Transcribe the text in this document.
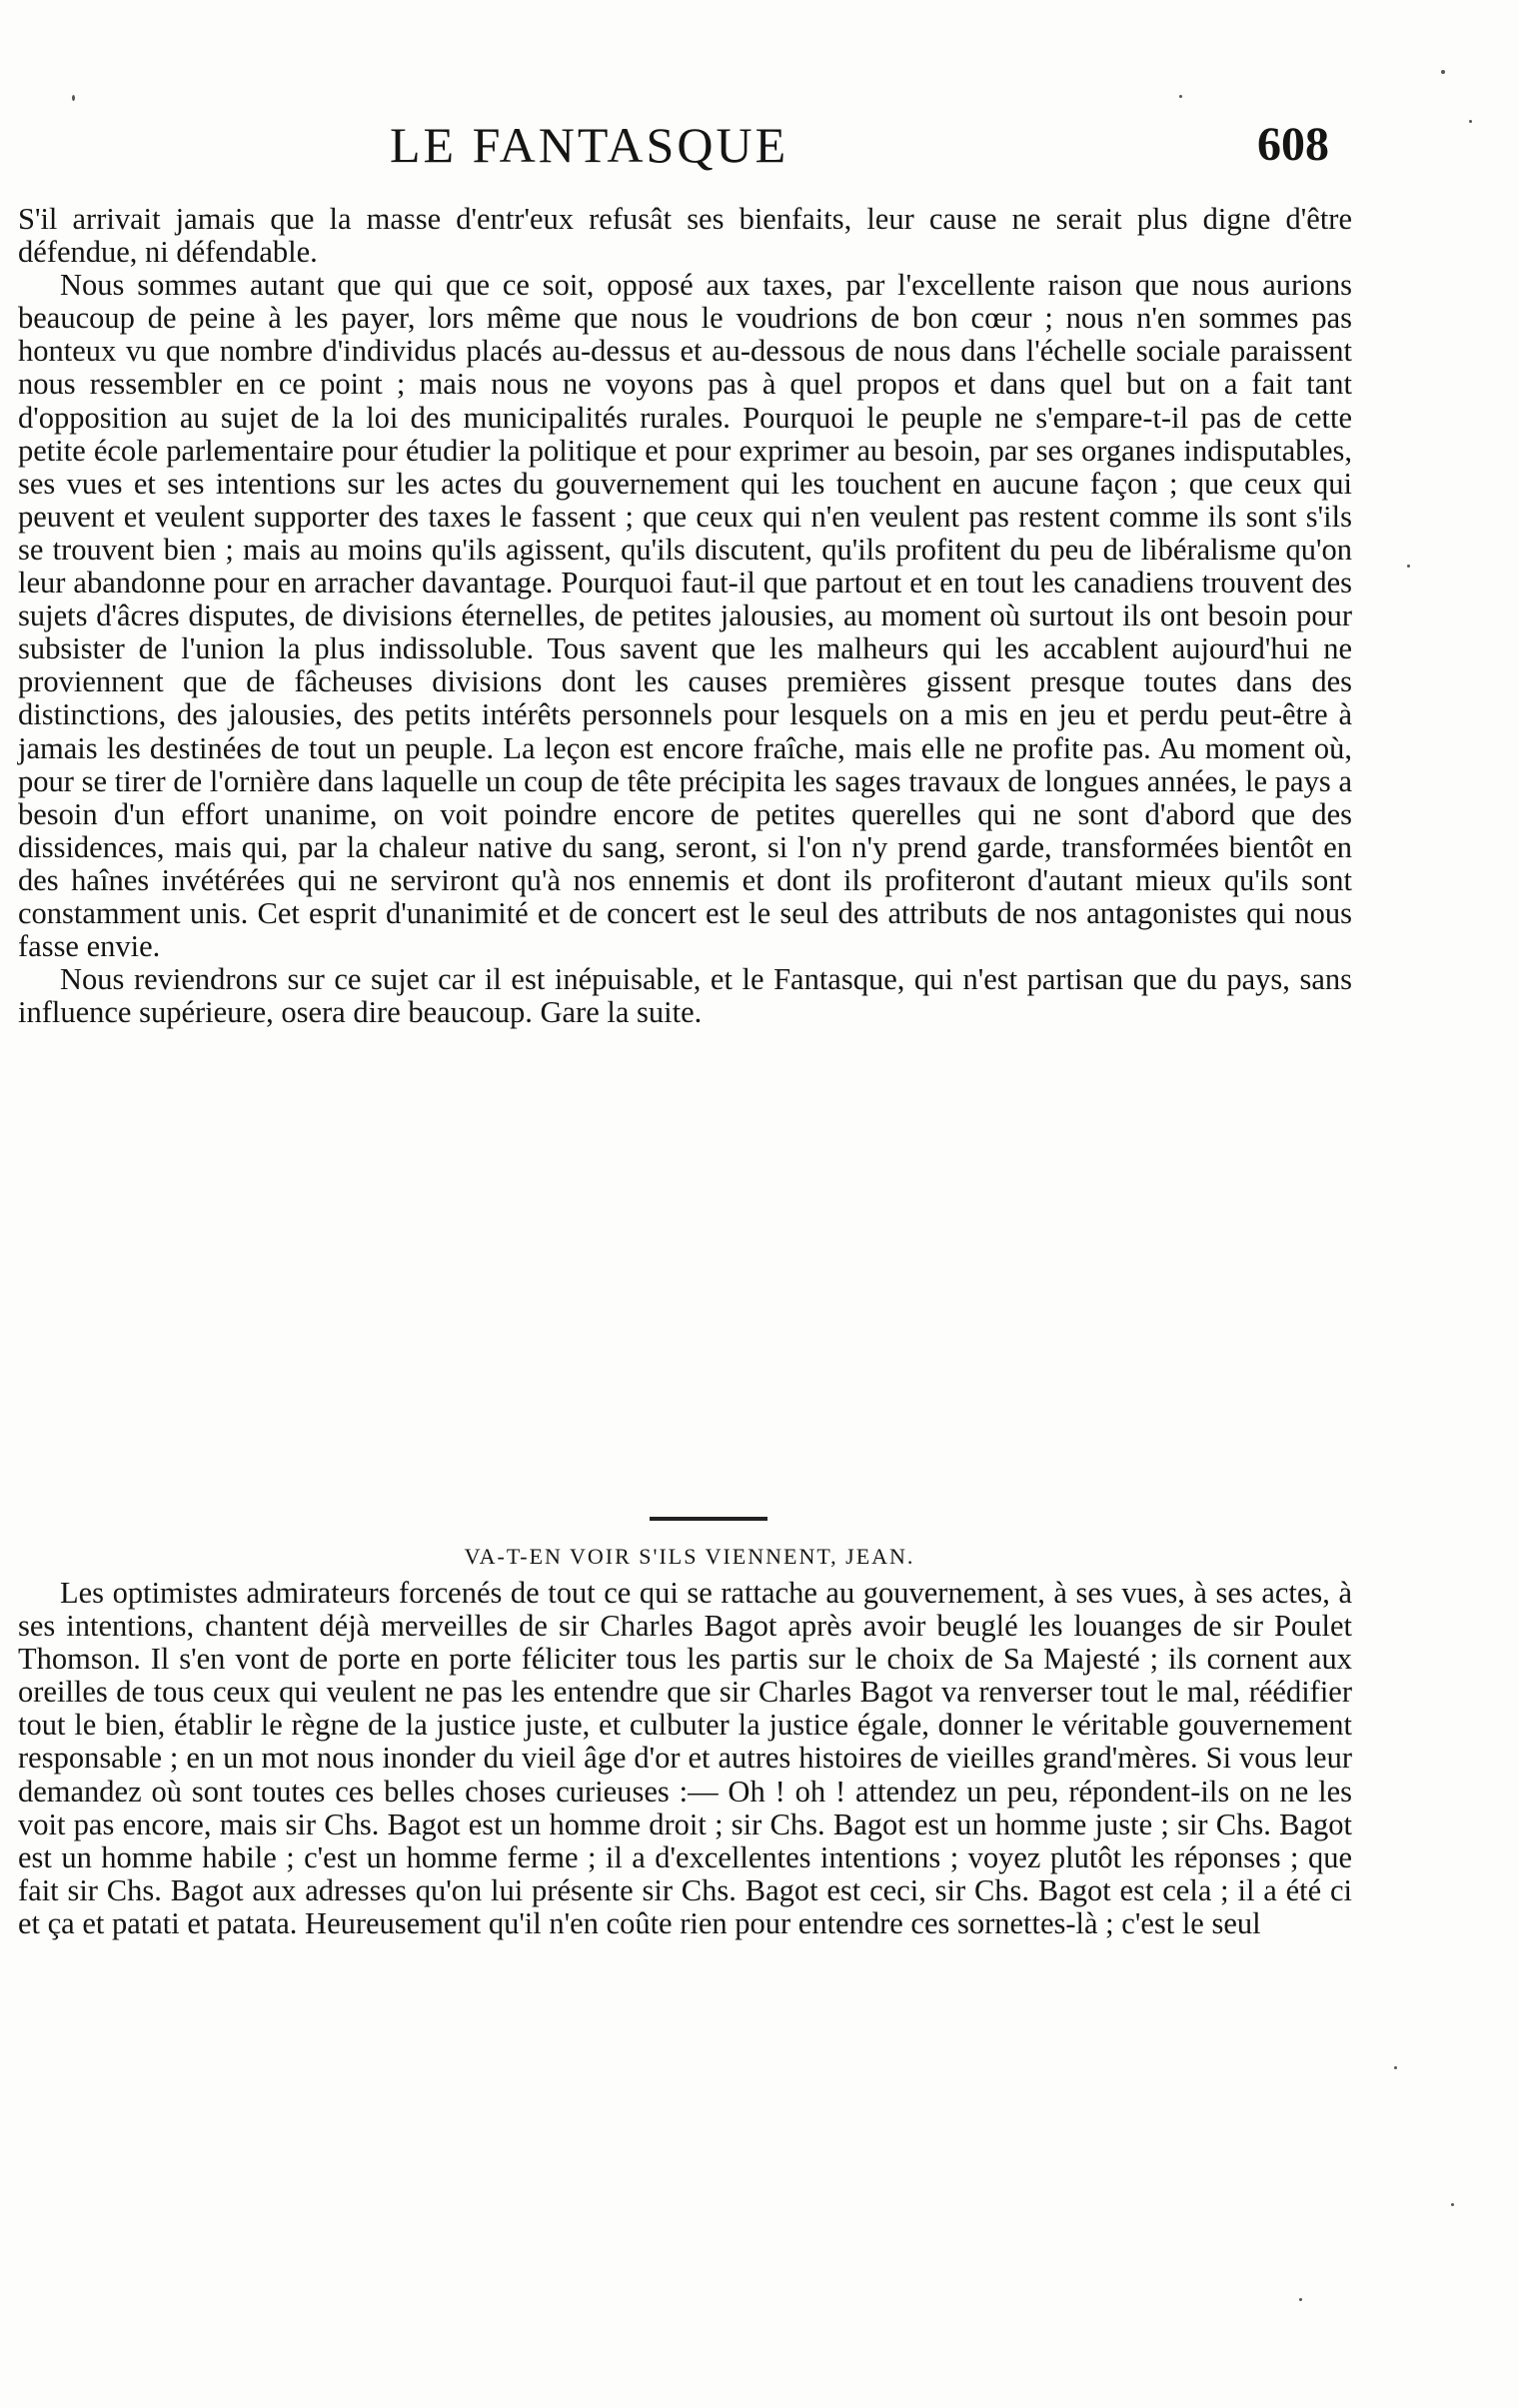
LE FANTASQUE	608

S'il arrivait jamais que la masse d'entr'eux refusât ses bienfaits, leur cause ne serait plus digne d'être défendue, ni défendable.

Nous sommes autant que qui que ce soit, opposé aux taxes, par l'excellente raison que nous aurions beaucoup de peine à les payer, lors même que nous le voudrions de bon cœur ; nous n'en sommes pas honteux vu que nombre d'individus placés au-dessus et au-dessous de nous dans l'échelle sociale paraissent nous ressembler en ce point ; mais nous ne voyons pas à quel propos et dans quel but on a fait tant d'opposition au sujet de la loi des municipalités rurales. Pourquoi le peuple ne s'empare-t-il pas de cette petite école parlementaire pour étudier la politique et pour exprimer au besoin, par ses organes indisputables, ses vues et ses intentions sur les actes du gouvernement qui les touchent en aucune façon ; que ceux qui peuvent et veulent supporter des taxes le fassent ; que ceux qui n'en veulent pas restent comme ils sont s'ils se trouvent bien ; mais au moins qu'ils agissent, qu'ils discutent, qu'ils profitent du peu de libéralisme qu'on leur abandonne pour en arracher davantage. Pourquoi faut-il que partout et en tout les canadiens trouvent des sujets d'âcres disputes, de divisions éternelles, de petites jalousies, au moment où surtout ils ont besoin pour subsister de l'union la plus indissoluble. Tous savent que les malheurs qui les accablent aujourd'hui ne proviennent que de fâcheuses divisions dont les causes premières gissent presque toutes dans des distinctions, des jalousies, des petits intérêts personnels pour lesquels on a mis en jeu et perdu peut-être à jamais les destinées de tout un peuple. La leçon est encore fraîche, mais elle ne profite pas. Au moment où, pour se tirer de l'ornière dans laquelle un coup de tête précipita les sages travaux de longues années, le pays a besoin d'un effort unanime, on voit poindre encore de petites querelles qui ne sont d'abord que des dissidences, mais qui, par la chaleur native du sang, seront, si l'on n'y prend garde, transformées bientôt en des haînes invétérées qui ne serviront qu'à nos ennemis et dont ils profiteront d'autant mieux qu'ils sont constamment unis. Cet esprit d'unanimité et de concert est le seul des attributs de nos antagonistes qui nous fasse envie.

Nous reviendrons sur ce sujet car il est inépuisable, et le Fantasque, qui n'est partisan que du pays, sans influence supérieure, osera dire beaucoup. Gare la suite.

VA-T-EN VOIR S'ILS VIENNENT, JEAN.

Les optimistes admirateurs forcenés de tout ce qui se rattache au gouvernement, à ses vues, à ses actes, à ses intentions, chantent déjà merveilles de sir Charles Bagot après avoir beuglé les louanges de sir Poulet Thomson. Il s'en vont de porte en porte féliciter tous les partis sur le choix de Sa Majesté ; ils cornent aux oreilles de tous ceux qui veulent ne pas les entendre que sir Charles Bagot va renverser tout le mal, réédifier tout le bien, établir le règne de la justice juste, et culbuter la justice égale, donner le véritable gouvernement responsable ; en un mot nous inonder du vieil âge d'or et autres histoires de vieilles grand'mères. Si vous leur demandez où sont toutes ces belles choses curieuses :— Oh ! oh ! attendez un peu, répondent-ils on ne les voit pas encore, mais sir Chs. Bagot est un homme droit ; sir Chs. Bagot est un homme juste ; sir Chs. Bagot est un homme habile ; c'est un homme ferme ; il a d'excellentes intentions ; voyez plutôt les réponses ; que fait sir Chs. Bagot aux adresses qu'on lui présente sir Chs. Bagot est ceci, sir Chs. Bagot est cela ; il a été ci et ça et patati et patata. Heureusement qu'il n'en coûte rien pour entendre ces sornettes-là ; c'est le seul
